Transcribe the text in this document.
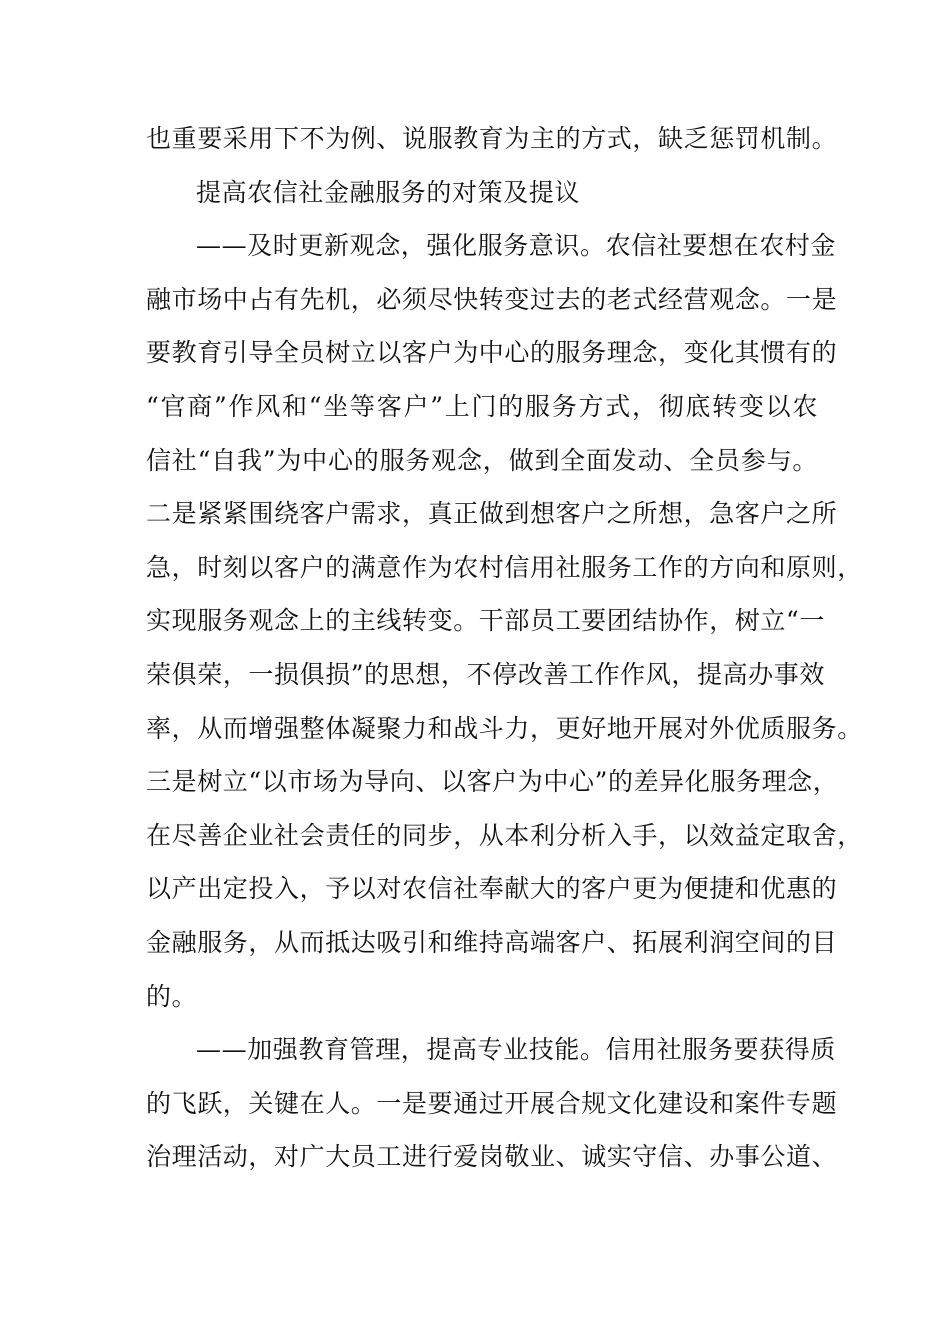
也重要采用下不为例、说服教育为主的方式，缺乏惩罚机制。
提高农信社金融服务的对策及提议
——及时更新观念，强化服务意识。农信社要想在农村金
融市场中占有先机，必须尽快转变过去的老式经营观念。一是
要教育引导全员树立以客户为中心的服务理念，变化其惯有的
“官商”作风和“坐等客户”上门的服务方式，彻底转变以农
信社“自我”为中心的服务观念，做到全面发动、全员参与。
二是紧紧围绕客户需求，真正做到想客户之所想，急客户之所
急，时刻以客户的满意作为农村信用社服务工作的方向和原则，
实现服务观念上的主线转变。干部员工要团结协作，树立“一
荣俱荣，一损俱损”的思想，不停改善工作作风，提高办事效
率，从而增强整体凝聚力和战斗力，更好地开展对外优质服务。
三是树立“以市场为导向、以客户为中心”的差异化服务理念，
在尽善企业社会责任的同步，从本利分析入手，以效益定取舍，
以产出定投入，予以对农信社奉献大的客户更为便捷和优惠的
金融服务，从而抵达吸引和维持高端客户、拓展利润空间的目
的。
——加强教育管理，提高专业技能。信用社服务要获得质
的飞跃，关键在人。一是要通过开展合规文化建设和案件专题
治理活动，对广大员工进行爱岗敬业、诚实守信、办事公道、
